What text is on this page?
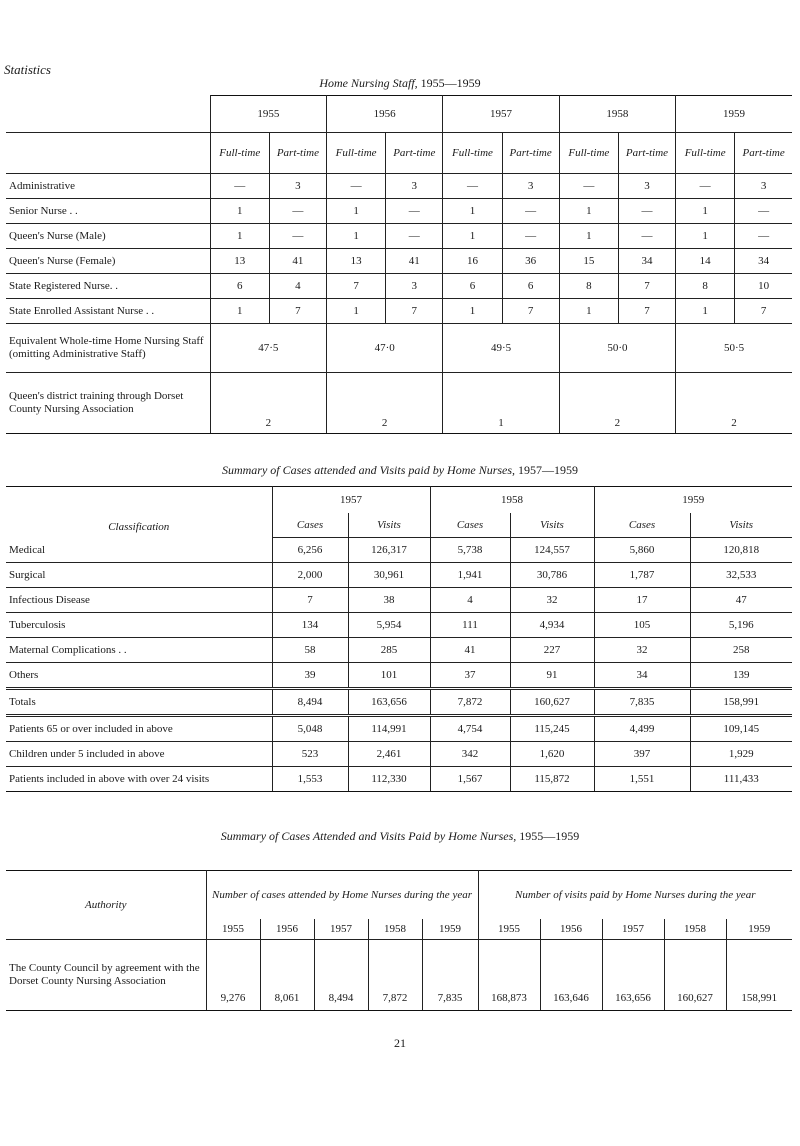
Statistics
Home Nursing Staff, 1955—1959
	1955		1956		1957		1958		1959	
	Full-time	Part-time	Full-time	Part-time	Full-time	Part-time	Full-time	Part-time	Full-time	Part-time
Administrative	—	3	—	3	—	3	—	3	—	3
Senior Nurse . .	1	—	1	—	1	—	1	—	1	—
Queen's Nurse (Male)	1	—	1	—	1	—	1	—	1	—
Queen's Nurse (Female)	13	41	13	41	16	36	15	34	14	34
State Registered Nurse. .	6	4	7	3	6	6	8	7	8	10
State Enrolled Assistant Nurse . .	1	7	1	7	1	7	1	7	1	7
Equivalent Whole-time Home Nursing Staff (omitting Administrative Staff)	47·5		47·0		49·5		50·0		50·5	
Queen's district training through Dorset County Nursing Association	2		2		1		2		2	
Summary of Cases attended and Visits paid by Home Nurses, 1957—1959
Classification	1957		1958		1959	
	Cases	Visits	Cases	Visits	Cases	Visits
Medical	6,256	126,317	5,738	124,557	5,860	120,818
Surgical	2,000	30,961	1,941	30,786	1,787	32,533
Infectious Disease	7	38	4	32	17	47
Tuberculosis	134	5,954	111	4,934	105	5,196
Maternal Complications . .	58	285	41	227	32	258
Others	39	101	37	91	34	139
Totals	8,494	163,656	7,872	160,627	7,835	158,991
Patients 65 or over included in above	5,048	114,991	4,754	115,245	4,499	109,145
Children under 5 included in above	523	2,461	342	1,620	397	1,929
Patients included in above with over 24 visits	1,553	112,330	1,567	115,872	1,551	111,433
Summary of Cases Attended and Visits Paid by Home Nurses, 1955—1959
Authority	Number of cases attended by Home Nurses during the year					Number of visits paid by Home Nurses during the year				
	1955	1956	1957	1958	1959	1955	1956	1957	1958	1959
The County Council by agreement with the Dorset County Nursing Association	9,276	8,061	8,494	7,872	7,835	168,873	163,646	163,656	160,627	158,991
21
